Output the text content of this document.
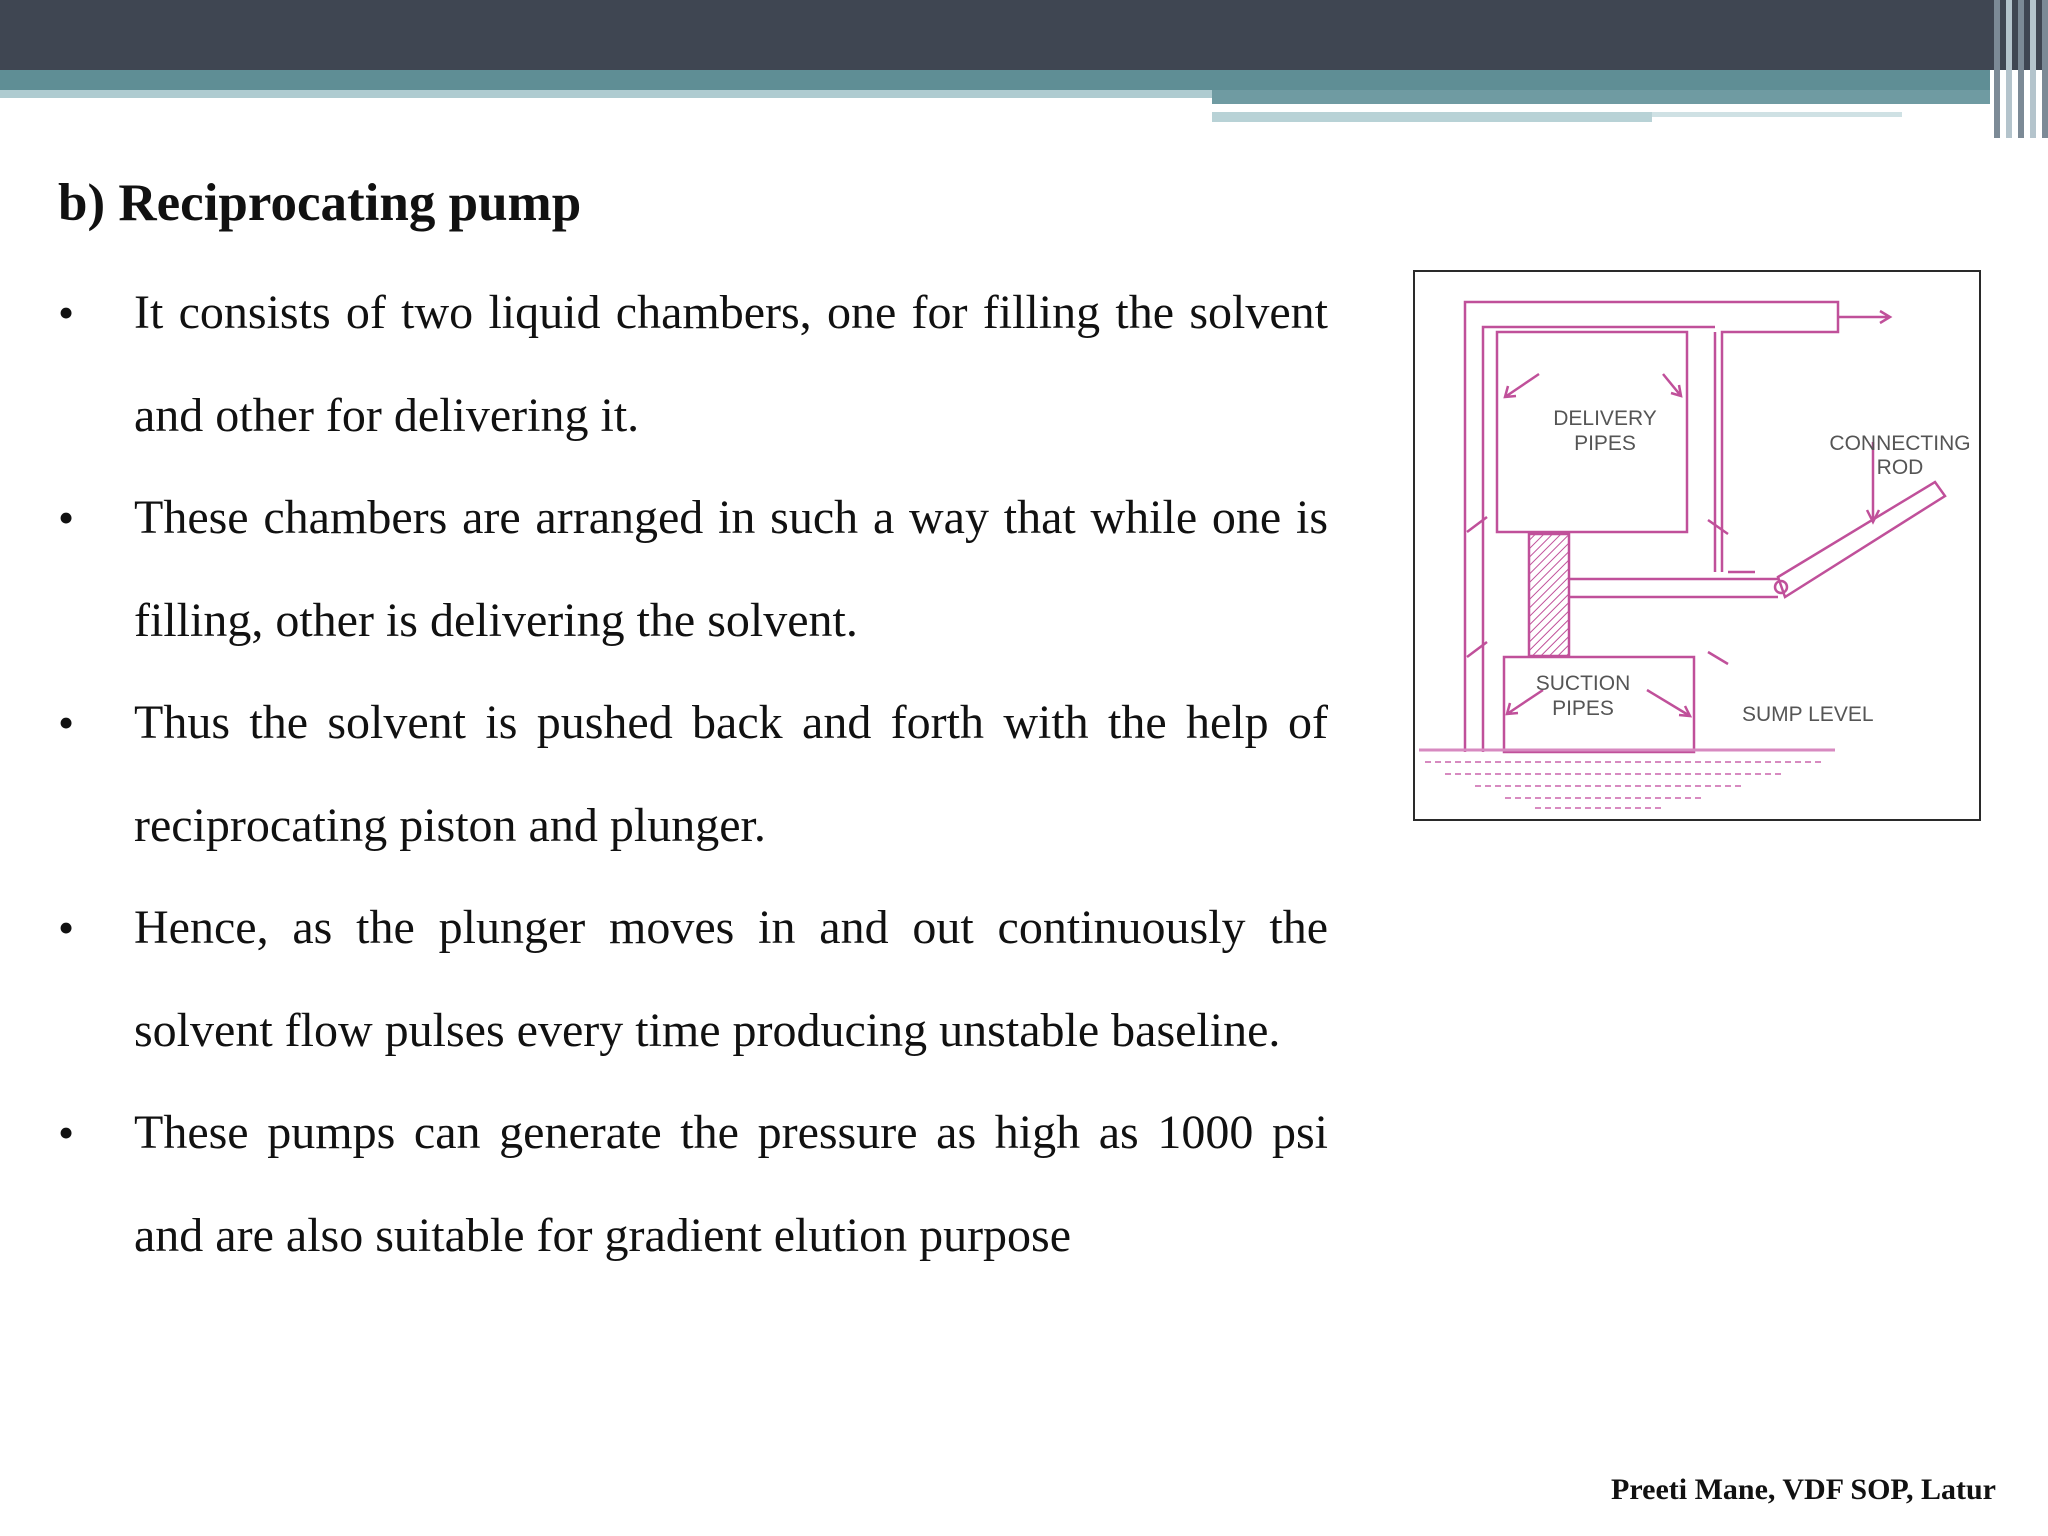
b) Reciprocating pump
• It consists of two liquid chambers, one for filling the solvent and other for delivering it.
• These chambers are arranged in such a way that while one is filling, other is delivering the solvent.
• Thus the solvent is pushed back and forth with the help of reciprocating piston and plunger.
• Hence, as the plunger moves in and out continuously the solvent flow pulses every time producing unstable baseline.
• These pumps can generate the pressure as high as 1000 psi and are also suitable for gradient elution purpose
DELIVERY
PIPES	CONNECTING
ROD
SUCTION
PIPES	SUMP LEVEL
Preeti Mane, VDF SOP, Latur
